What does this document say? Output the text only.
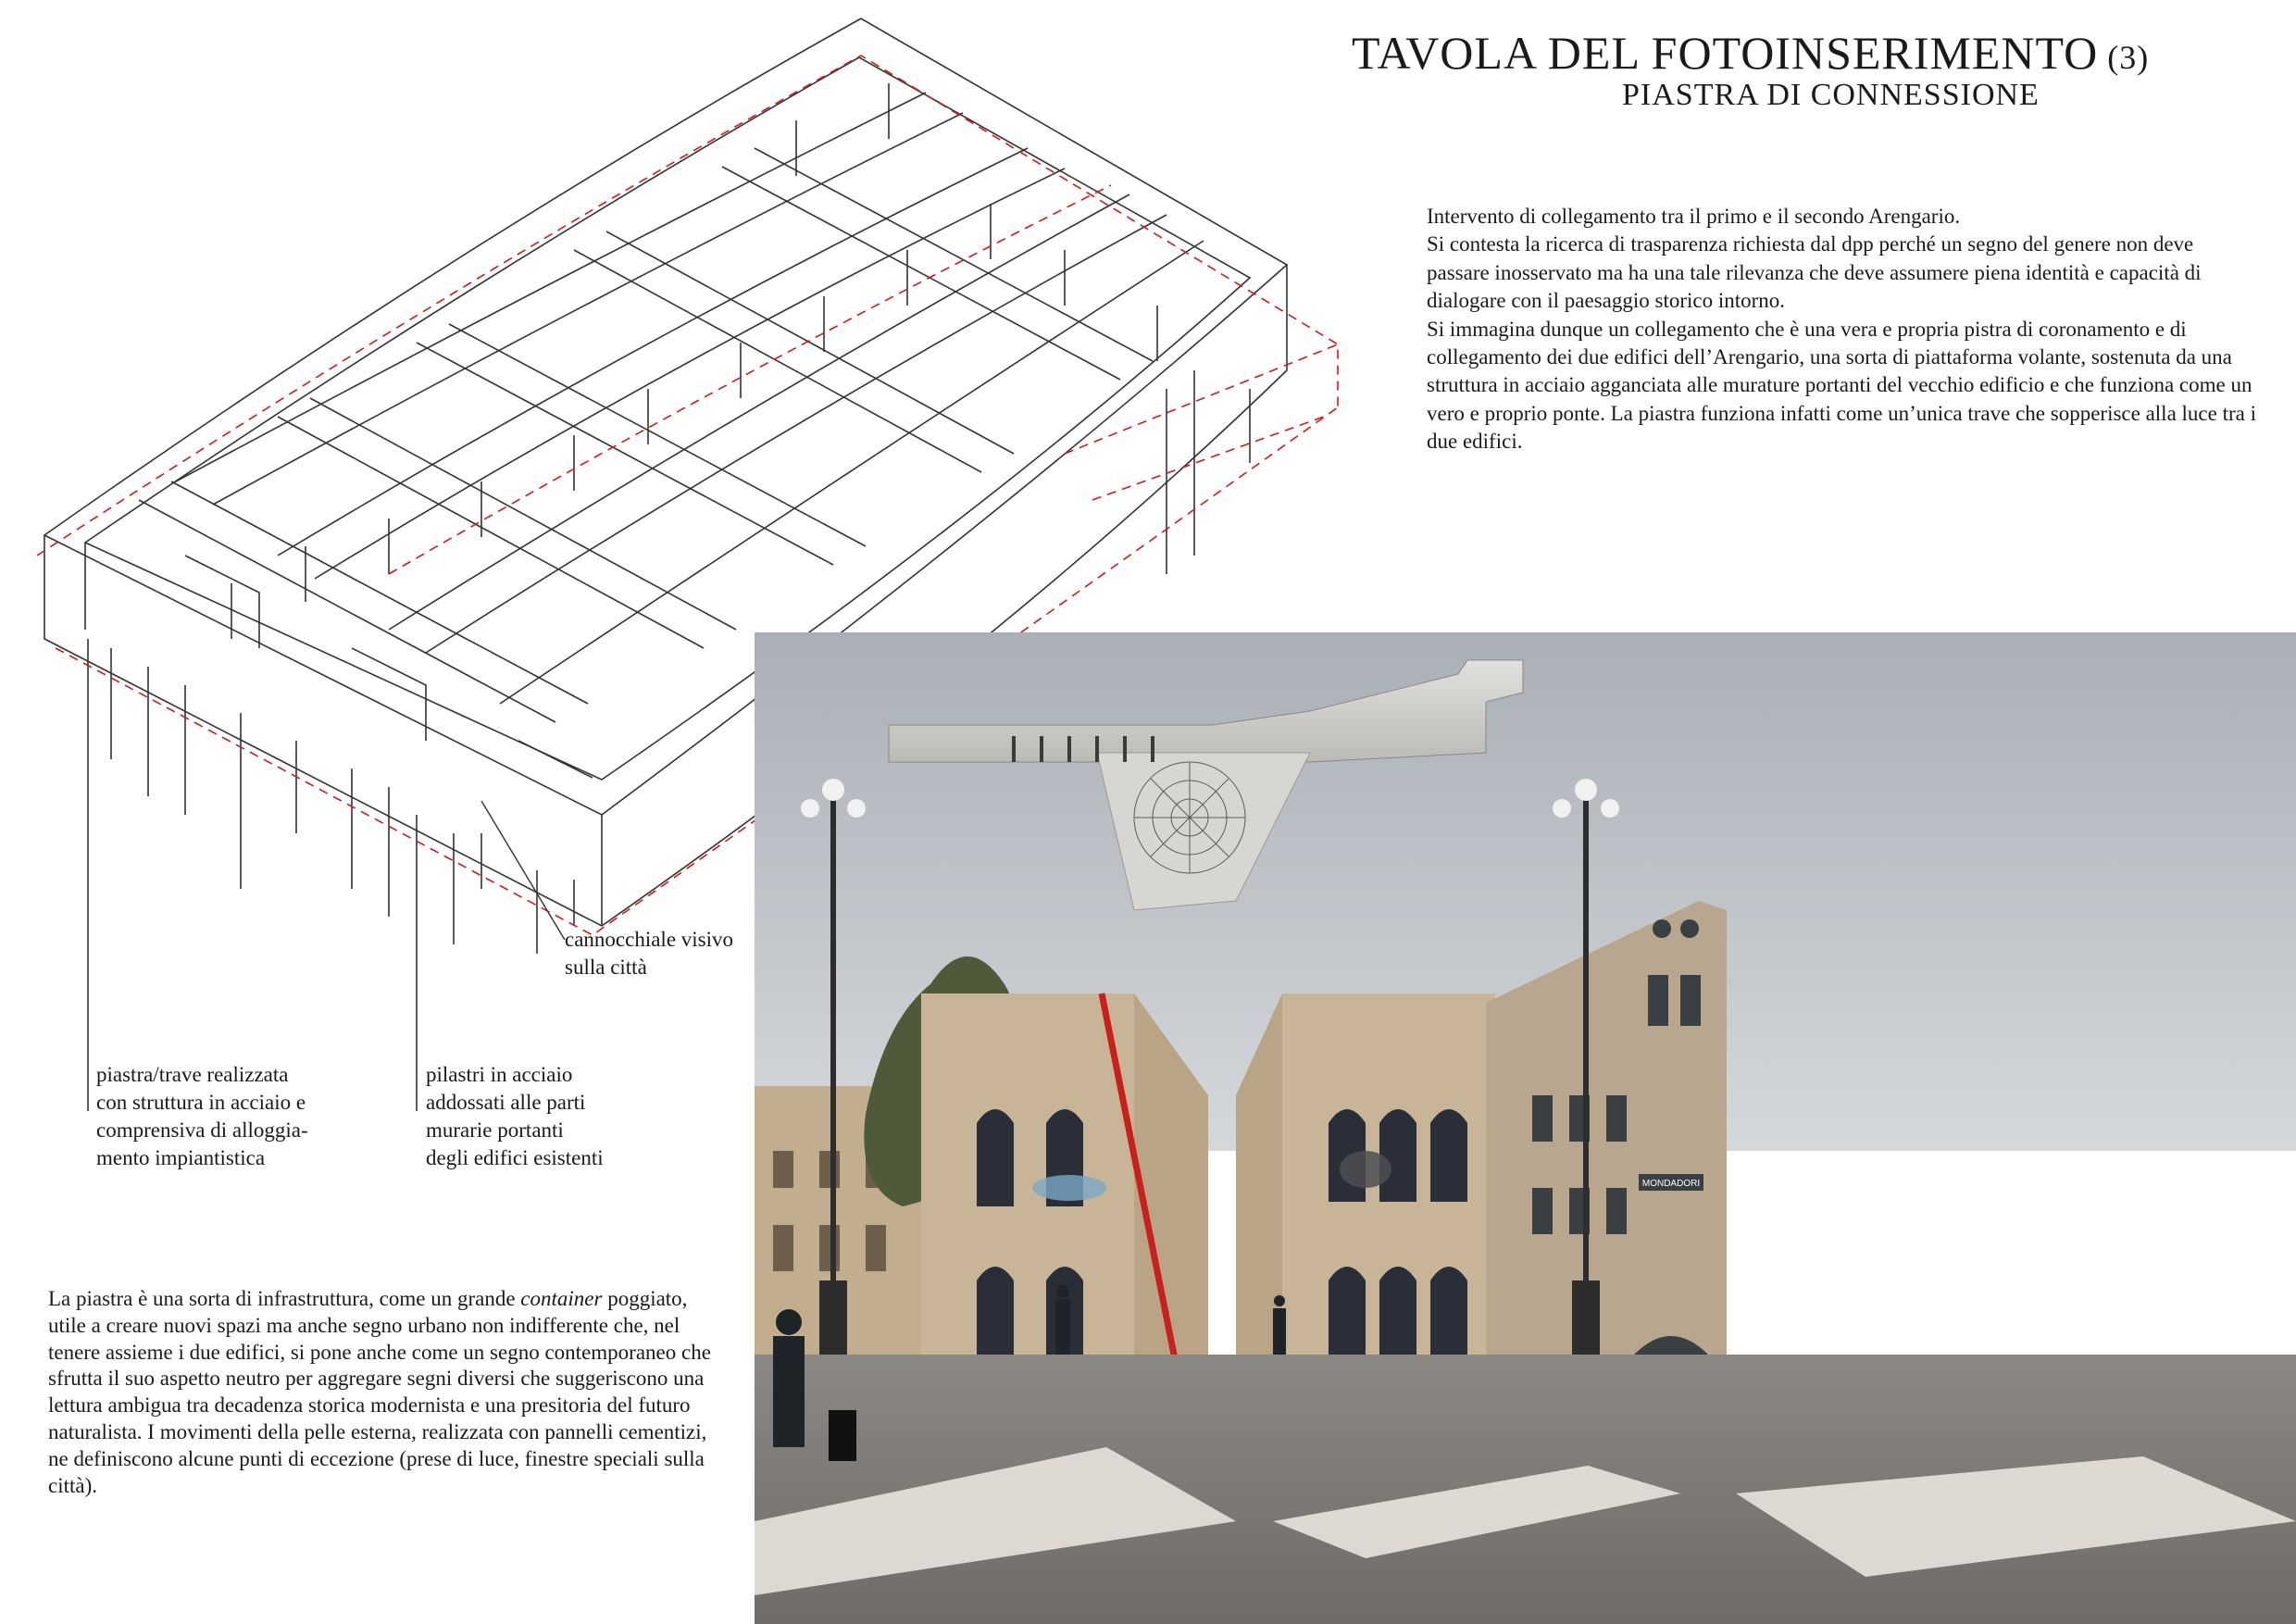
TAVOLA DEL FOTOINSERIMENTO (3)
PIASTRA DI CONNESSIONE

Intervento di collegamento tra il primo e il secondo Arengario.

Si contesta la ricerca di trasparenza richiesta dal dpp perché un segno del genere non deve passare inosservato ma ha una tale rilevanza che deve assumere piena identità e capacità di dialogare con il paesaggio storico intorno.

Si immagina dunque un collegamento che è una vera e propria pistra di coronamento e di collegamento dei due edifici dell’Arengario, una sorta di piattaforma volante, sostenuta da una struttura in acciaio agganciata alle murature portanti del vecchio edificio e che funziona come un vero e proprio ponte. La piastra funziona infatti come un’unica trave che sopperisce alla luce tra i due edifici.

cannocchiale visivo
sulla città
piastra/trave realizzata
con struttura in acciaio e
comprensiva di alloggia-
mento impiantistica
pilastri in acciaio
addossati alle parti
murarie portanti
degli edifici esistenti
La piastra è una sorta di infrastruttura, come un grande container poggiato, utile a creare nuovi spazi ma anche segno urbano non indifferente che, nel tenere assieme i due edifici, si pone anche come un segno contemporaneo che sfrutta il suo aspetto neutro per aggregare segni diversi che suggeriscono una lettura ambigua tra decadenza storica modernista e una presitoria del futuro naturalista. I movimenti della pelle esterna, realizzata con pannelli cementizi, ne definiscono alcune punti di eccezione (prese di luce, finestre speciali sulla città).
MONDADORI
